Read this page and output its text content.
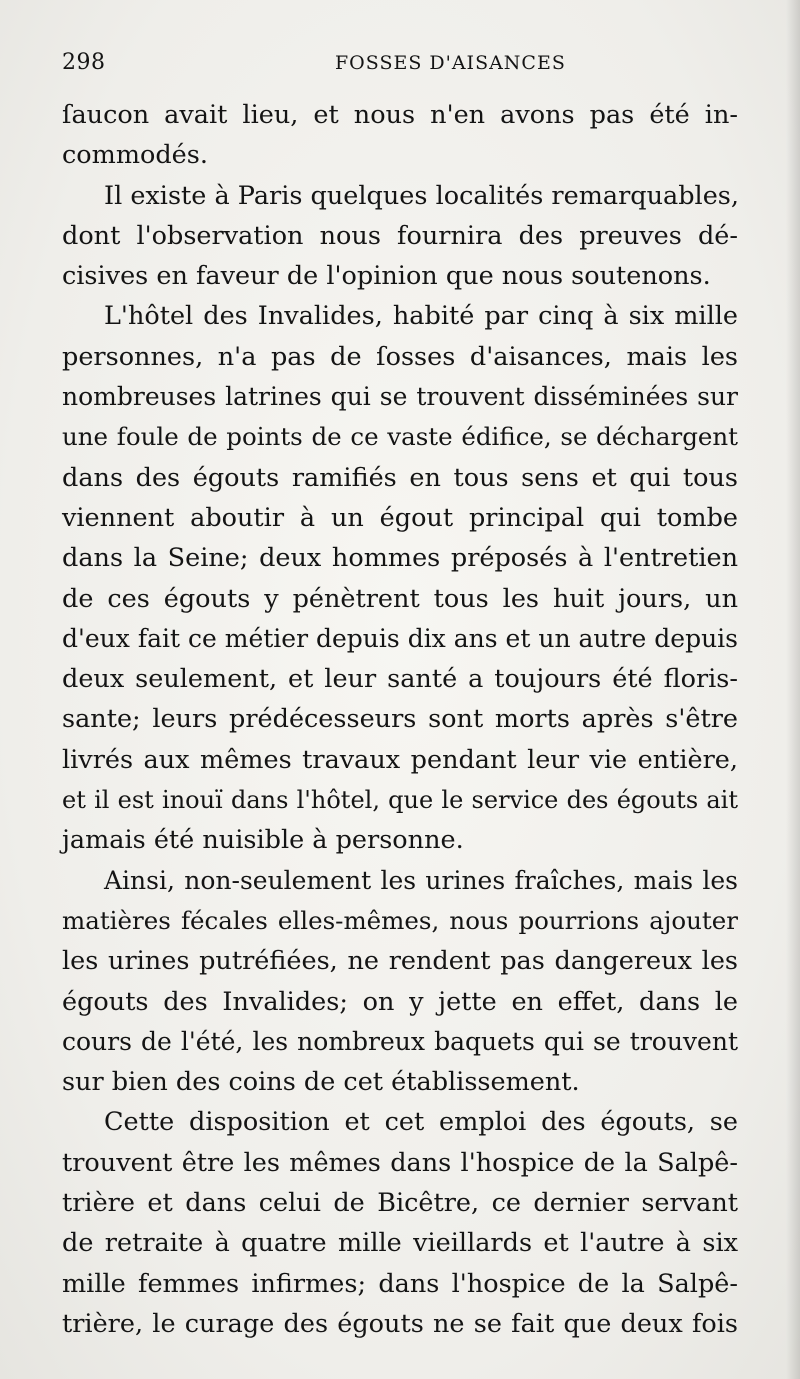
298	FOSSES D'AISANCES
ſaucon avait lieu, et nous n'en avons pas été in-
commodés.
Il existe à Paris quelques localités remarquables,
dont l'observation nous fournira des preuves dé-
cisives en faveur de l'opinion que nous soutenons.
L'hôtel des Invalides, habité par cinq à six mille
personnes, n'a pas de ſosses d'aisances, mais les
nombreuses latrines qui se trouvent disséminées sur
une foule de points de ce vaste édifice, se déchargent
dans des égouts ramifiés en tous sens et qui tous
viennent aboutir à un égout principal qui tombe
dans la Seine; deux hommes préposés à l'entretien
de ces égouts y pénètrent tous les huit jours, un
d'eux fait ce métier depuis dix ans et un autre depuis
deux seulement, et leur santé a toujours été floris-
sante; leurs prédécesseurs sont morts après s'être
livrés aux mêmes travaux pendant leur vie entière,
et il est inouï dans l'hôtel, que le service des égouts ait
jamais été nuisible à personne.
Ainsi, non-seulement les urines fraîches, mais les
matières fécales elles-mêmes, nous pourrions ajouter
les urines putréfiées, ne rendent pas dangereux les
égouts des Invalides; on y jette en effet, dans le
cours de l'été, les nombreux baquets qui se trouvent
sur bien des coins de cet établissement.
Cette disposition et cet emploi des égouts, se
trouvent être les mêmes dans l'hospice de la Salpê-
trière et dans celui de Bicêtre, ce dernier servant
de retraite à quatre mille vieillards et l'autre à six
mille femmes infirmes; dans l'hospice de la Salpê-
trière, le curage des égouts ne se fait que deux fois
